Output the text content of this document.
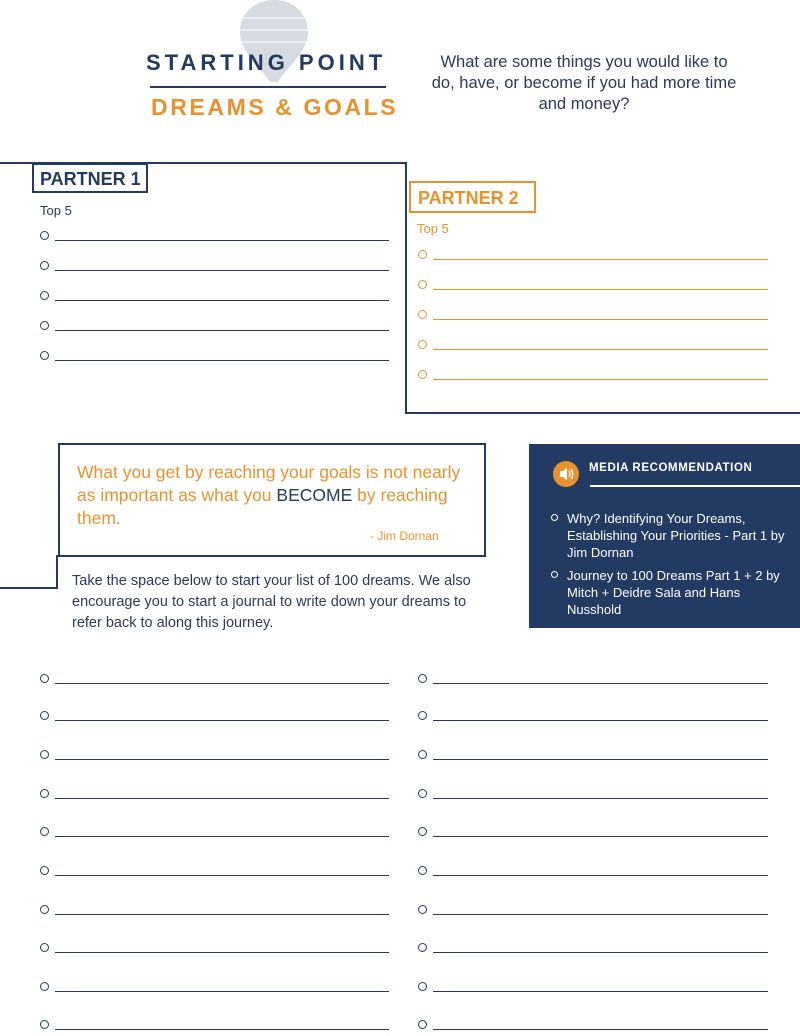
STARTING POINT
DREAMS & GOALS
What are some things you would like to do, have, or become if you had more time and money?
PARTNER 1
Top 5
PARTNER 2
Top 5
What you get by reaching your goals is not nearly as important as what you BECOME by reaching them.
- Jim Dornan
Take the space below to start your list of 100 dreams. We also encourage you to start a journal to write down your dreams to refer back to along this journey.
MEDIA RECOMMENDATION
Why? Identifying Your Dreams, Establishing Your Priorities - Part 1 by Jim Dornan
Journey to 100 Dreams Part 1 + 2 by Mitch + Deidre Sala and Hans Nusshold
